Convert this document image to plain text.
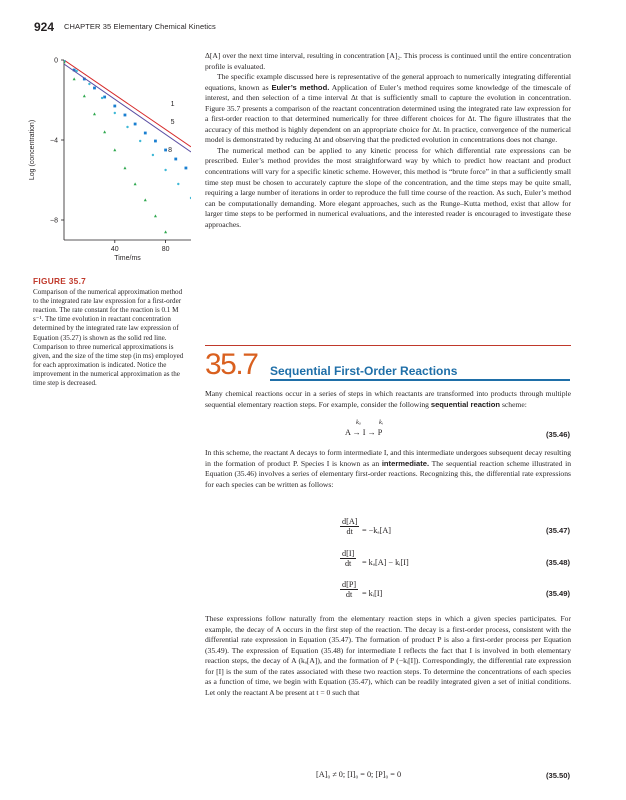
924 CHAPTER 35 Elementary Chemical Kinetics
0
−4
−8
40	80
Time/ms
Log (concentration)
1
5
8
FIGURE 35.7
Comparison of the numerical approximation method to the integrated rate law expression for a first-order reaction. The rate constant for the reaction is 0.1 M s⁻¹. The time evolution in reactant concentration determined by the integrated rate law expression of Equation (35.27) is shown as the solid red line. Comparison to three numerical approximations is given, and the size of the time step (in ms) employed for each approximation is indicated. Notice the improvement in the numerical approximation as the time step is decreased.

Δ[A] over the next time interval, resulting in concentration [A]₂. This process is continued until the entire concentration profile is evaluated.

The specific example discussed here is representative of the general approach to numerically integrating differential equations, known as Euler’s method. Application of Euler’s method requires some knowledge of the timescale of interest, and then selection of a time interval Δt that is sufficiently small to capture the evolution in concentration. Figure 35.7 presents a comparison of the reactant concentration determined using the integrated rate law expression for a first-order reaction to that determined numerically for three different choices for Δt. The figure illustrates that the accuracy of this method is highly dependent on an appropriate choice for Δt. In practice, convergence of the numerical model is demonstrated by reducing Δt and observing that the predicted evolution in concentrations does not change.

The numerical method can be applied to any kinetic process for which differential rate expressions can be prescribed. Euler’s method provides the most straightforward way by which to predict how reactant and product concentrations will vary for a specific kinetic scheme. However, this method is “brute force” in that a sufficiently small time step must be chosen to accurately capture the slope of the concentration, and the time steps may be quite small, requiring a large number of iterations in order to reproduce the full time course of the reaction. As such, Euler’s method can be computationally demanding. More elegant approaches, such as the Runge–Kutta method, exist that allow for larger time steps to be performed in numerical evaluations, and the interested reader is encouraged to investigate these approaches.

35.7 Sequential First-Order Reactions
Many chemical reactions occur in a series of steps in which reactants are transformed into products through multiple sequential elementary reaction steps. For example, consider the following sequential reaction scheme:
kₐ	kᵢ
A → I → P	(35.46)
In this scheme, the reactant A decays to form intermediate I, and this intermediate undergoes subsequent decay resulting in the formation of product P. Species I is known as an intermediate. The sequential reaction scheme illustrated in Equation (35.46) involves a series of elementary first-order reactions. Recognizing this, the differential rate expressions for each species can be written as follows:
$\frac{d[A]}{dt} = -k_a[A]$	(35.47)
$\frac{d[I]}{dt} = k_a[A]$ − kᵢ[I]	(35.48)
$\frac{d[P]}{dt}$ = kᵢ[I]	(35.49)
These expressions follow naturally from the elementary reaction steps in which a given species participates. For example, the decay of A occurs in the first step of the reaction. The decay is a first-order process, consistent with the differential rate expression in Equation (35.47). The formation of product P is also a first-order process per Equation (35.49). The expression of Equation (35.48) for intermediate I reflects the fact that I is involved in both elementary reaction steps, the decay of A (kₐ[A]), and the formation of P (−kᵢ[I]). Correspondingly, the differential rate expression for [I] is the sum of the rates associated with these two reaction steps. To determine the concentrations of each species as a function of time, we begin with Equation (35.47), which can be readily integrated given a set of initial conditions. Let only the reactant A be present at t = 0 such that
[A]₀ ≠ 0; [I]₀ = 0; [P]₀ = 0	(35.50)
